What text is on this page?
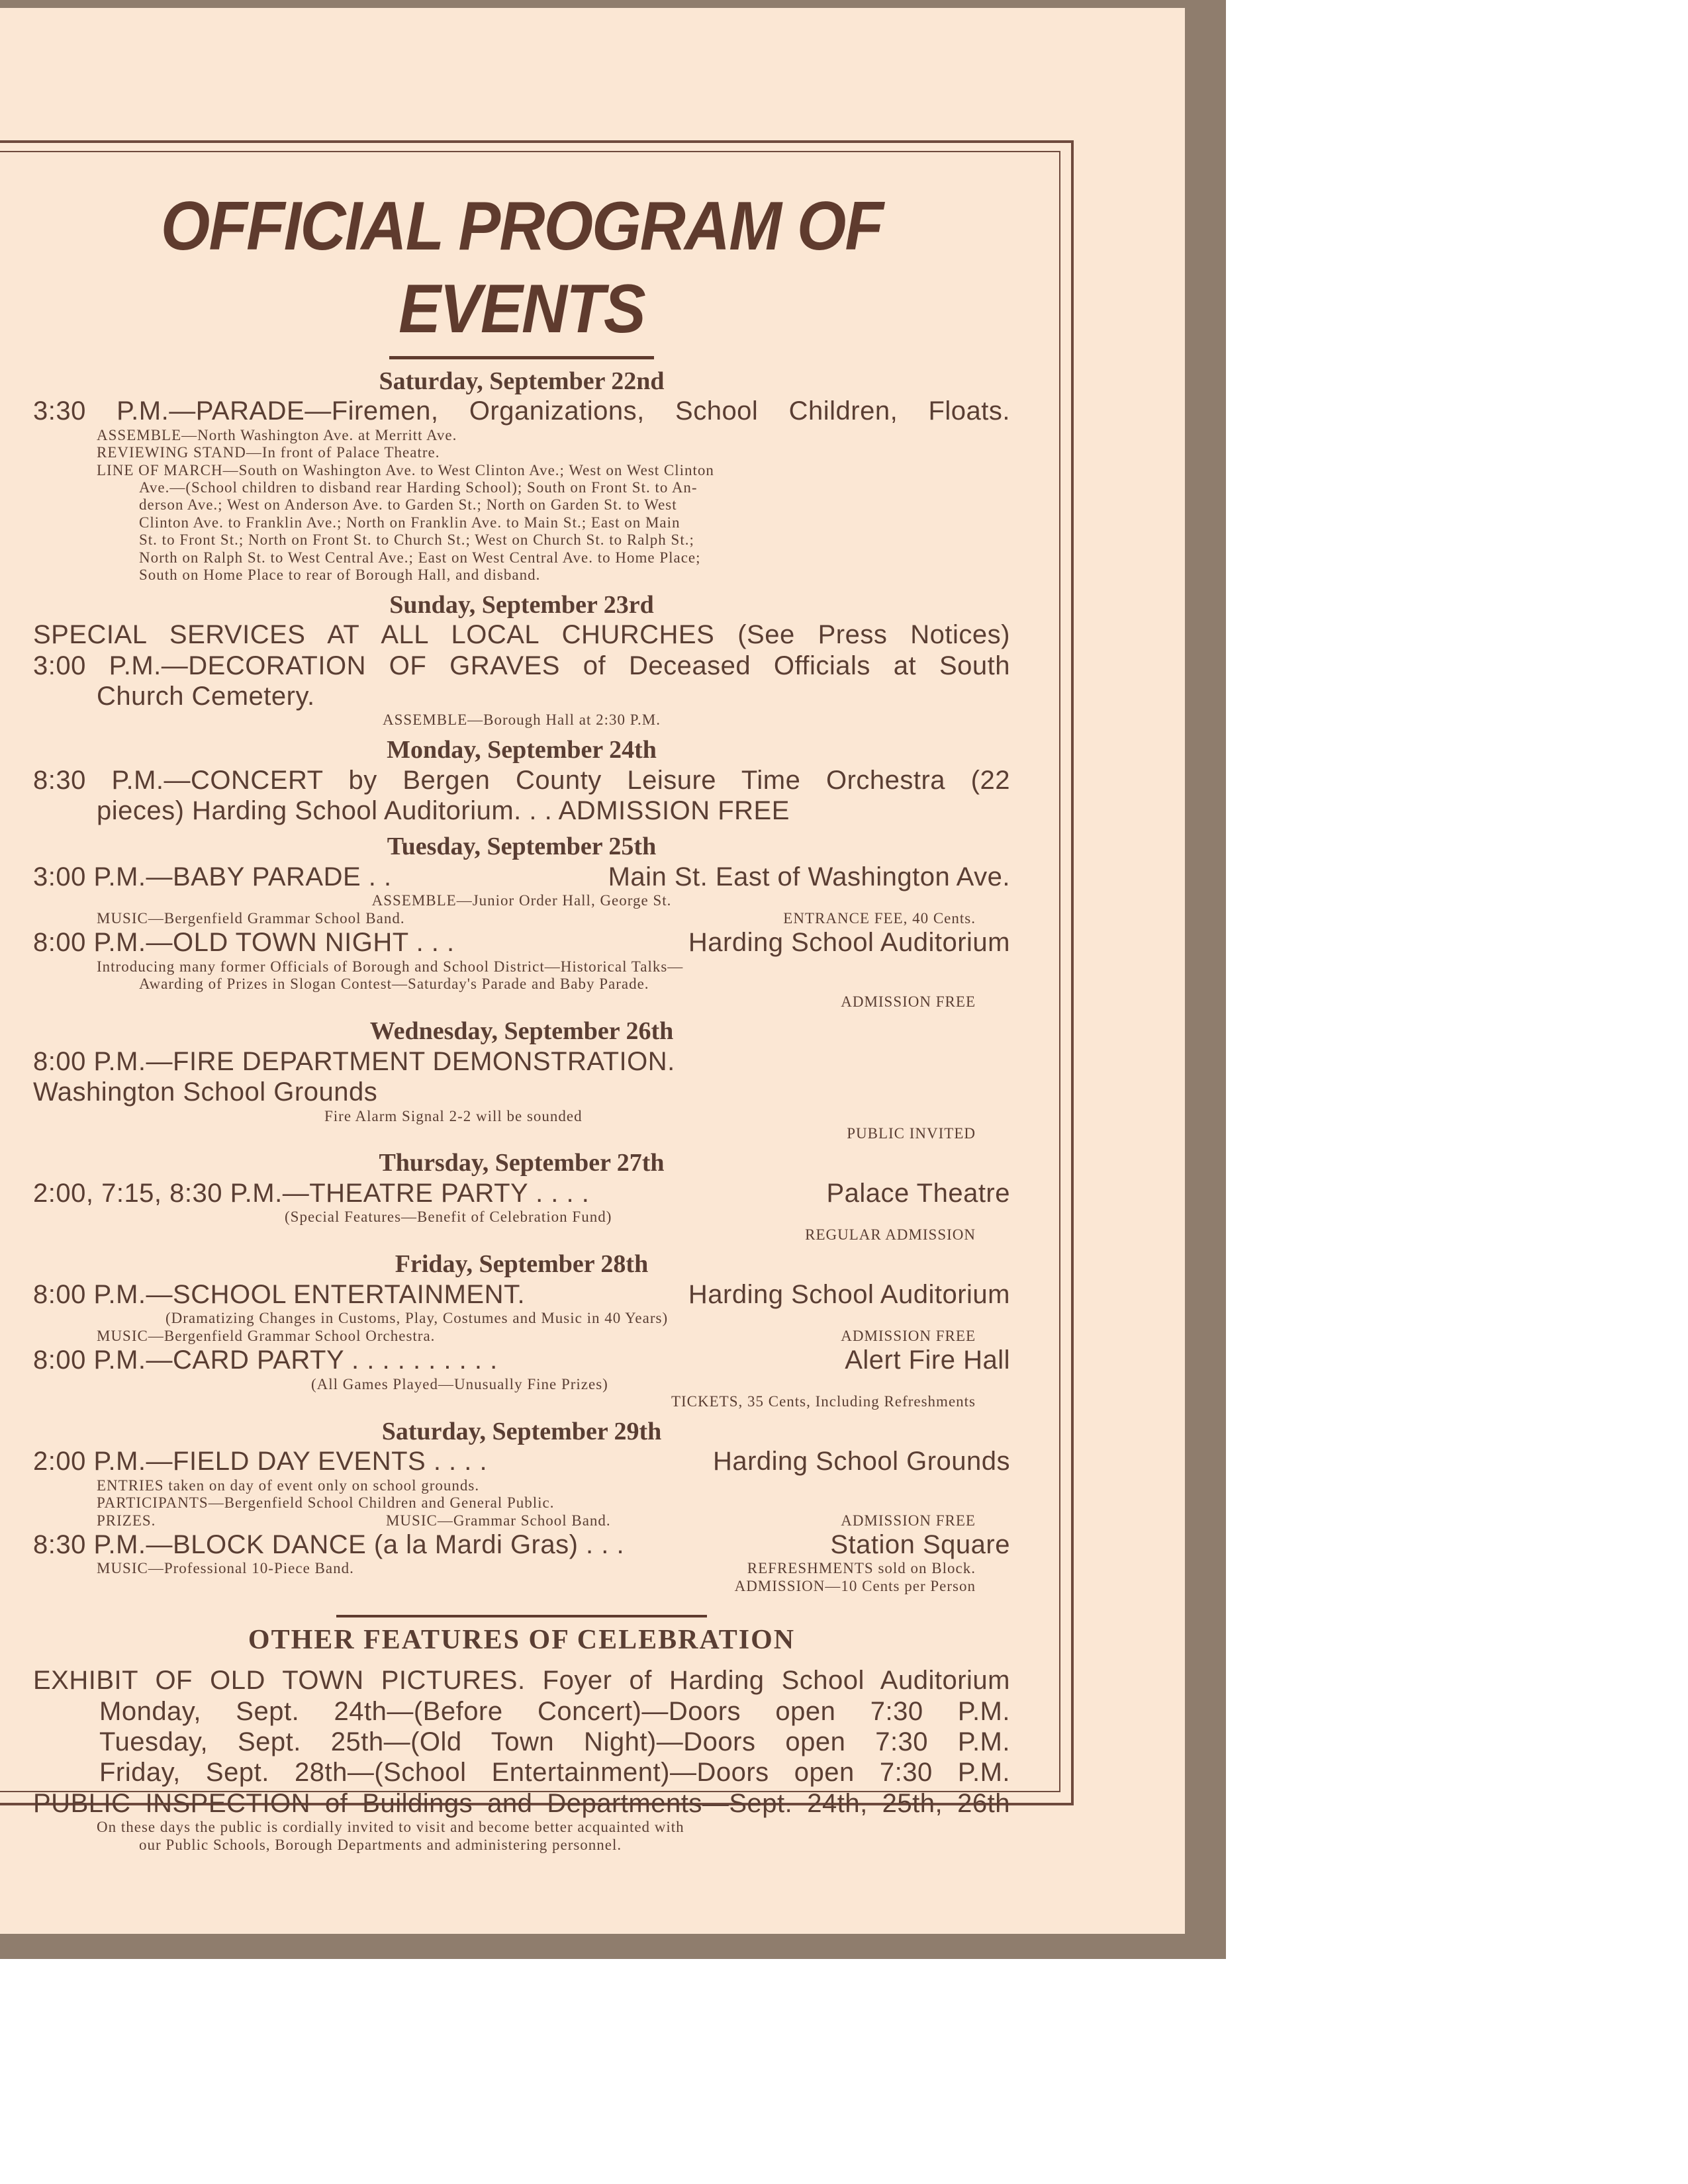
OFFICIAL PROGRAM OF EVENTS
Saturday, September 22nd
3:30 P.M.—PARADE—Firemen, Organizations, School Children, Floats.
ASSEMBLE—North Washington Ave. at Merritt Ave.
REVIEWING STAND—In front of Palace Theatre.
LINE OF MARCH—South on Washington Ave. to West Clinton Ave.; West on West Clinton
Ave.—(School children to disband rear Harding School); South on Front St. to An-
derson Ave.; West on Anderson Ave. to Garden St.; North on Garden St. to West
Clinton Ave. to Franklin Ave.; North on Franklin Ave. to Main St.; East on Main
St. to Front St.; North on Front St. to Church St.; West on Church St. to Ralph St.;
North on Ralph St. to West Central Ave.; East on West Central Ave. to Home Place;
South on Home Place to rear of Borough Hall, and disband.
Sunday, September 23rd
SPECIAL SERVICES AT ALL LOCAL CHURCHES (See Press Notices)
3:00 P.M.—DECORATION OF GRAVES of Deceased Officials at South
Church Cemetery.
ASSEMBLE—Borough Hall at 2:30 P.M.
Monday, September 24th
8:30 P.M.—CONCERT by Bergen County Leisure Time Orchestra (22
pieces) Harding School Auditorium. . . ADMISSION FREE
Tuesday, September 25th
3:00 P.M.—BABY PARADE . .	Main St. East of Washington Ave.
ASSEMBLE—Junior Order Hall, George St.
MUSIC—Bergenfield Grammar School Band.	ENTRANCE FEE, 40 Cents.
8:00 P.M.—OLD TOWN NIGHT . . .	Harding School Auditorium
Introducing many former Officials of Borough and School District—Historical Talks—
Awarding of Prizes in Slogan Contest—Saturday's Parade and Baby Parade.
ADMISSION FREE
Wednesday, September 26th
8:00 P.M.—FIRE DEPARTMENT DEMONSTRATION.
Washington School Grounds
Fire Alarm Signal 2-2 will be sounded
PUBLIC INVITED
Thursday, September 27th
2:00, 7:15, 8:30 P.M.—THEATRE PARTY . . . .	Palace Theatre
(Special Features—Benefit of Celebration Fund)
REGULAR ADMISSION
Friday, September 28th
8:00 P.M.—SCHOOL ENTERTAINMENT.	Harding School Auditorium
(Dramatizing Changes in Customs, Play, Costumes and Music in 40 Years)
MUSIC—Bergenfield Grammar School Orchestra.	ADMISSION FREE
8:00 P.M.—CARD PARTY . . . . . . . . . .	Alert Fire Hall
(All Games Played—Unusually Fine Prizes)
TICKETS, 35 Cents, Including Refreshments
Saturday, September 29th
2:00 P.M.—FIELD DAY EVENTS . . . .	Harding School Grounds
ENTRIES taken on day of event only on school grounds.
PARTICIPANTS—Bergenfield School Children and General Public.
PRIZES.	MUSIC—Grammar School Band.	ADMISSION FREE
8:30 P.M.—BLOCK DANCE (a la Mardi Gras) . . .	Station Square
MUSIC—Professional 10-Piece Band.	REFRESHMENTS sold on Block.
ADMISSION—10 Cents per Person
OTHER FEATURES OF CELEBRATION
EXHIBIT OF OLD TOWN PICTURES. Foyer of Harding School Auditorium
Monday, Sept. 24th—(Before Concert)—Doors open 7:30 P.M.
Tuesday, Sept. 25th—(Old Town Night)—Doors open 7:30 P.M.
Friday, Sept. 28th—(School Entertainment)—Doors open 7:30 P.M.
PUBLIC INSPECTION of Buildings and Departments—Sept. 24th, 25th, 26th
On these days the public is cordially invited to visit and become better acquainted with
our Public Schools, Borough Departments and administering personnel.
